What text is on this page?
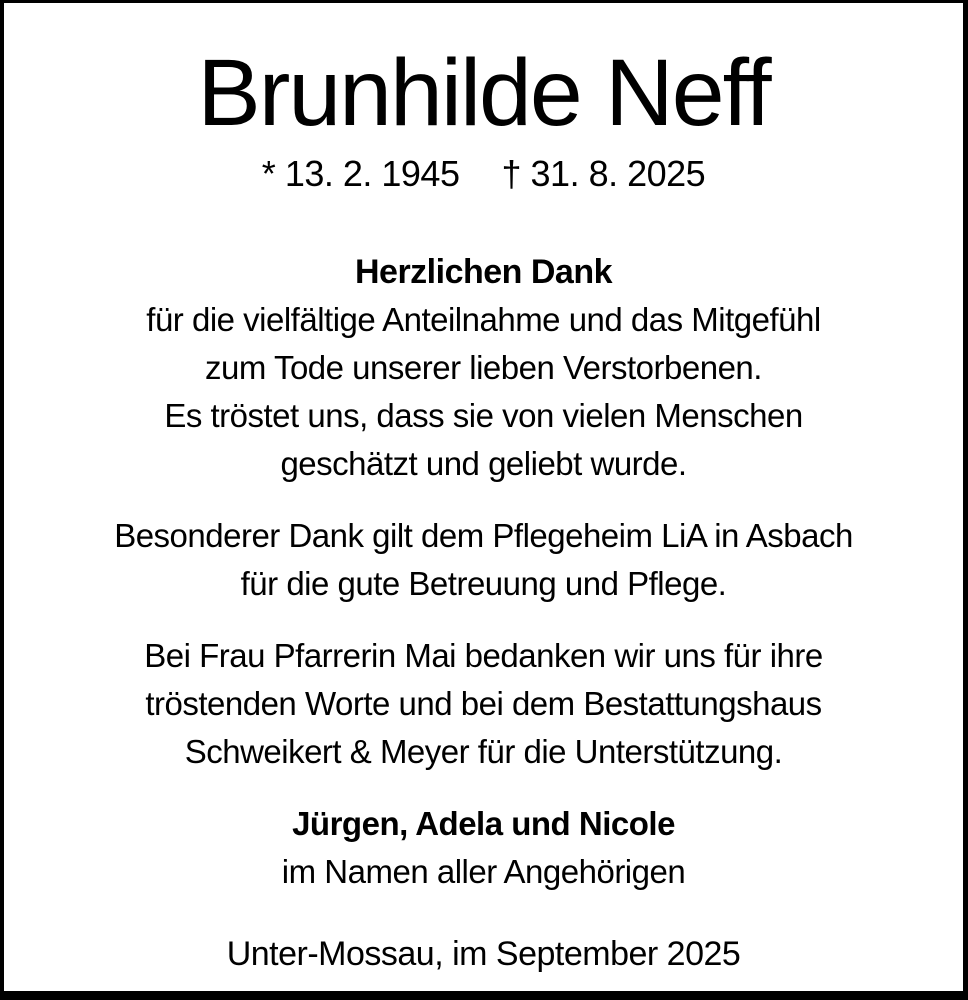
Brunhilde Neff
* 13. 2. 1945 † 31. 8. 2025
Herzlichen Dank
für die vielfältige Anteilnahme und das Mitgefühl
zum Tode unserer lieben Verstorbenen.
Es tröstet uns, dass sie von vielen Menschen
geschätzt und geliebt wurde.
Besonderer Dank gilt dem Pflegeheim LiA in Asbach
für die gute Betreuung und Pflege.
Bei Frau Pfarrerin Mai bedanken wir uns für ihre
tröstenden Worte und bei dem Bestattungshaus
Schweikert & Meyer für die Unterstützung.
Jürgen, Adela und Nicole
im Namen aller Angehörigen
Unter-Mossau, im September 2025
